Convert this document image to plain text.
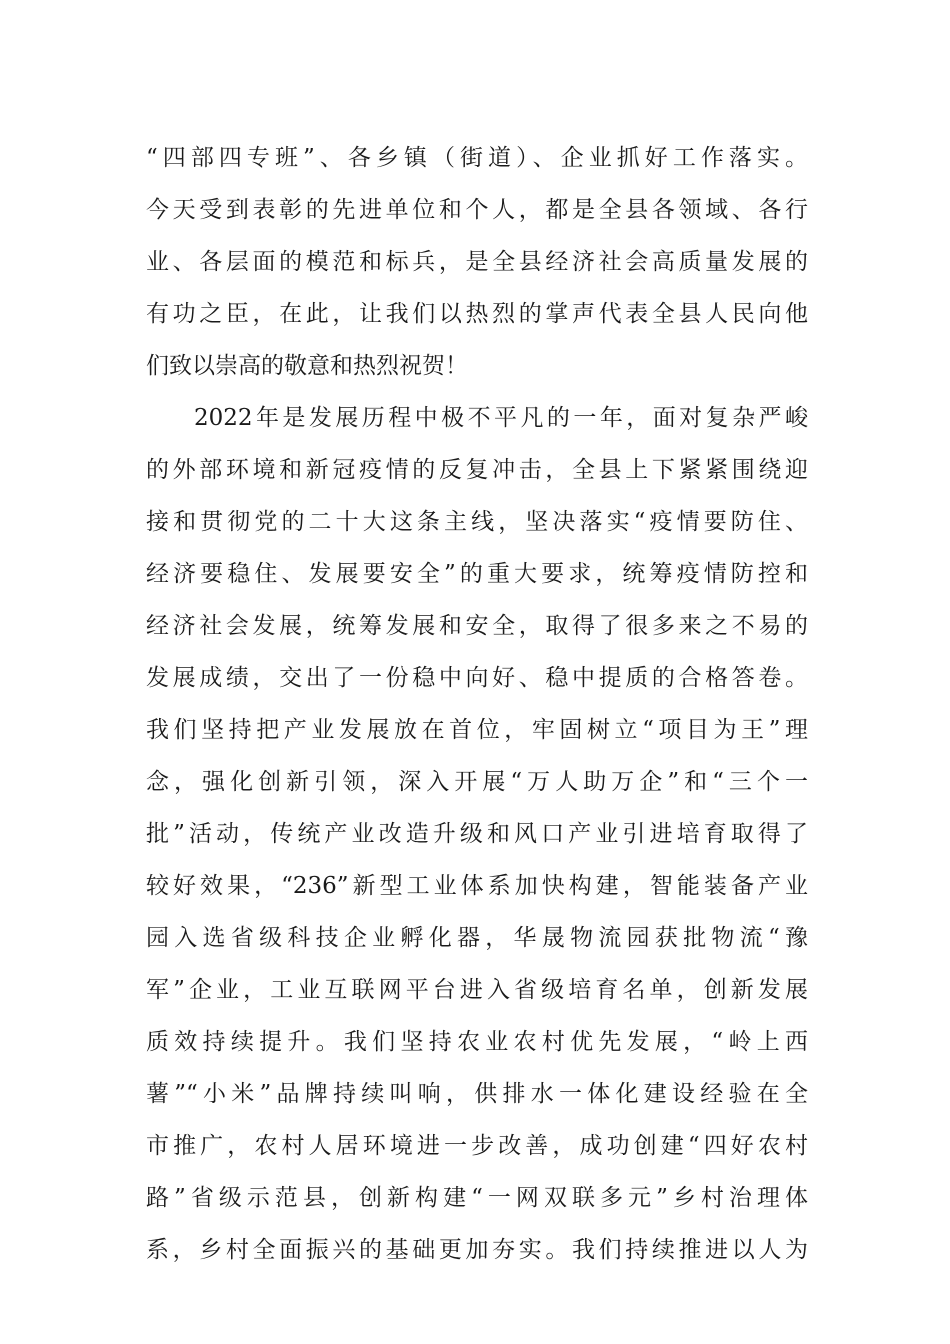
“四部四专班”、各乡镇（街道）、企业抓好工作落实。
今天受到表彰的先进单位和个人，都是全县各领域、各行
业、各层面的模范和标兵，是全县经济社会高质量发展的
有功之臣，在此，让我们以热烈的掌声代表全县人民向他
们致以崇高的敬意和热烈祝贺！
2022年是发展历程中极不平凡的一年，面对复杂严峻
的外部环境和新冠疫情的反复冲击，全县上下紧紧围绕迎
接和贯彻党的二十大这条主线，坚决落实“疫情要防住、
经济要稳住、发展要安全”的重大要求，统筹疫情防控和
经济社会发展，统筹发展和安全，取得了很多来之不易的
发展成绩，交出了一份稳中向好、稳中提质的合格答卷。
我们坚持把产业发展放在首位，牢固树立“项目为王”理
念，强化创新引领，深入开展“万人助万企”和“三个一
批”活动，传统产业改造升级和风口产业引进培育取得了
较好效果，“236”新型工业体系加快构建，智能装备产业
园入选省级科技企业孵化器，华晟物流园获批物流“豫
军”企业，工业互联网平台进入省级培育名单，创新发展
质效持续提升。我们坚持农业农村优先发展，“岭上西
薯”“小米”品牌持续叫响，供排水一体化建设经验在全
市推广，农村人居环境进一步改善，成功创建“四好农村
路”省级示范县，创新构建“一网双联多元”乡村治理体
系，乡村全面振兴的基础更加夯实。我们持续推进以人为
